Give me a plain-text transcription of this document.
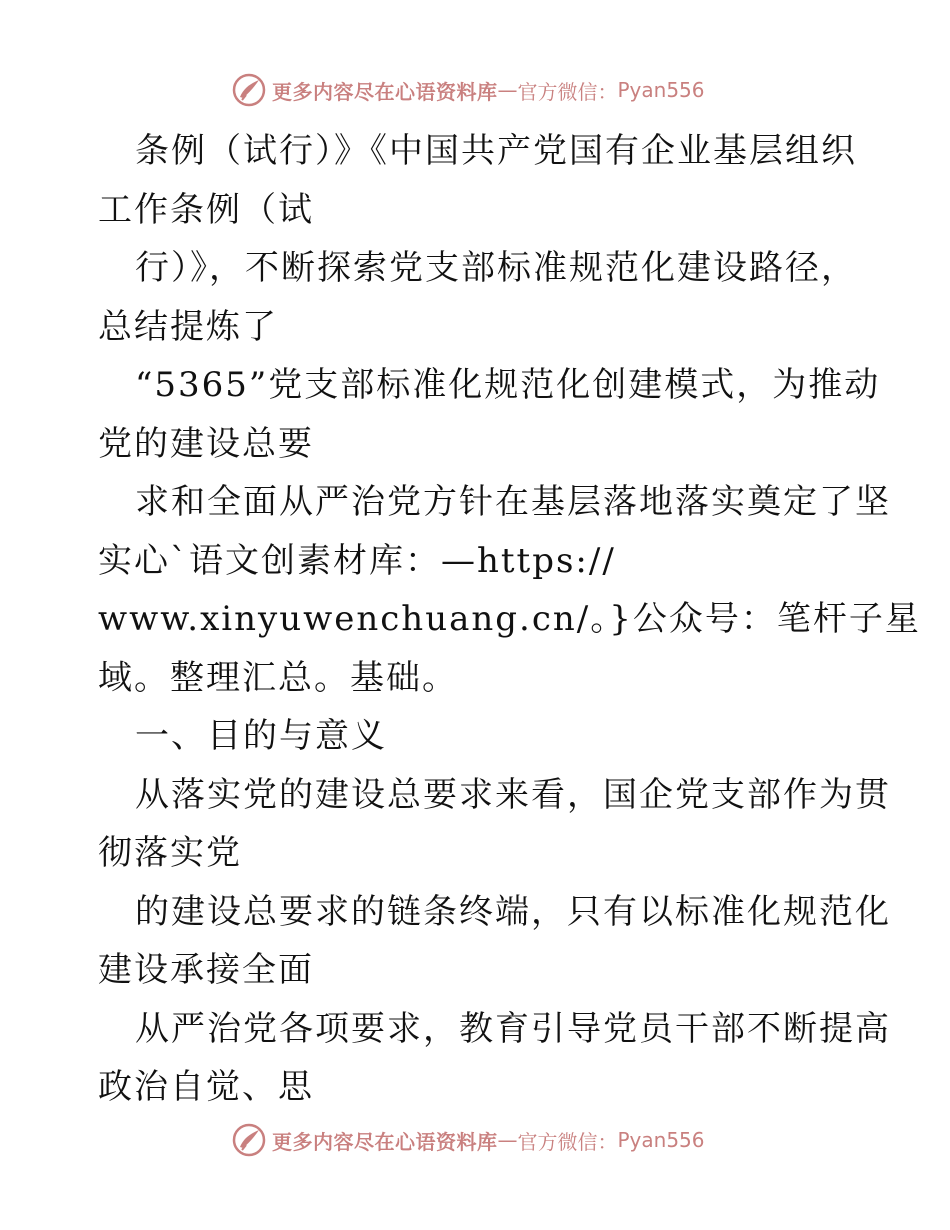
更多内容尽在心语资料库 — 官方微信： Pyan556
条例（试行）》《中国共产党国有企业基层组织
工作条例（试
行）》，不断探索党支部标准规范化建设路径，
总结提炼了
“5365”党支部标准化规范化创建模式，为推动
党的建设总要
求和全面从严治党方针在基层落地落实奠定了坚
实心`语文创素材库：—https://
www.xinyuwenchuang.cn/。}公众号：笔杆子星
域。整理汇总。基础。
一、目的与意义
从落实党的建设总要求来看，国企党支部作为贯
彻落实党
的建设总要求的链条终端，只有以标准化规范化
建设承接全面
从严治党各项要求，教育引导党员干部不断提高
政治自觉、思
更多内容尽在心语资料库 — 官方微信： Pyan556
